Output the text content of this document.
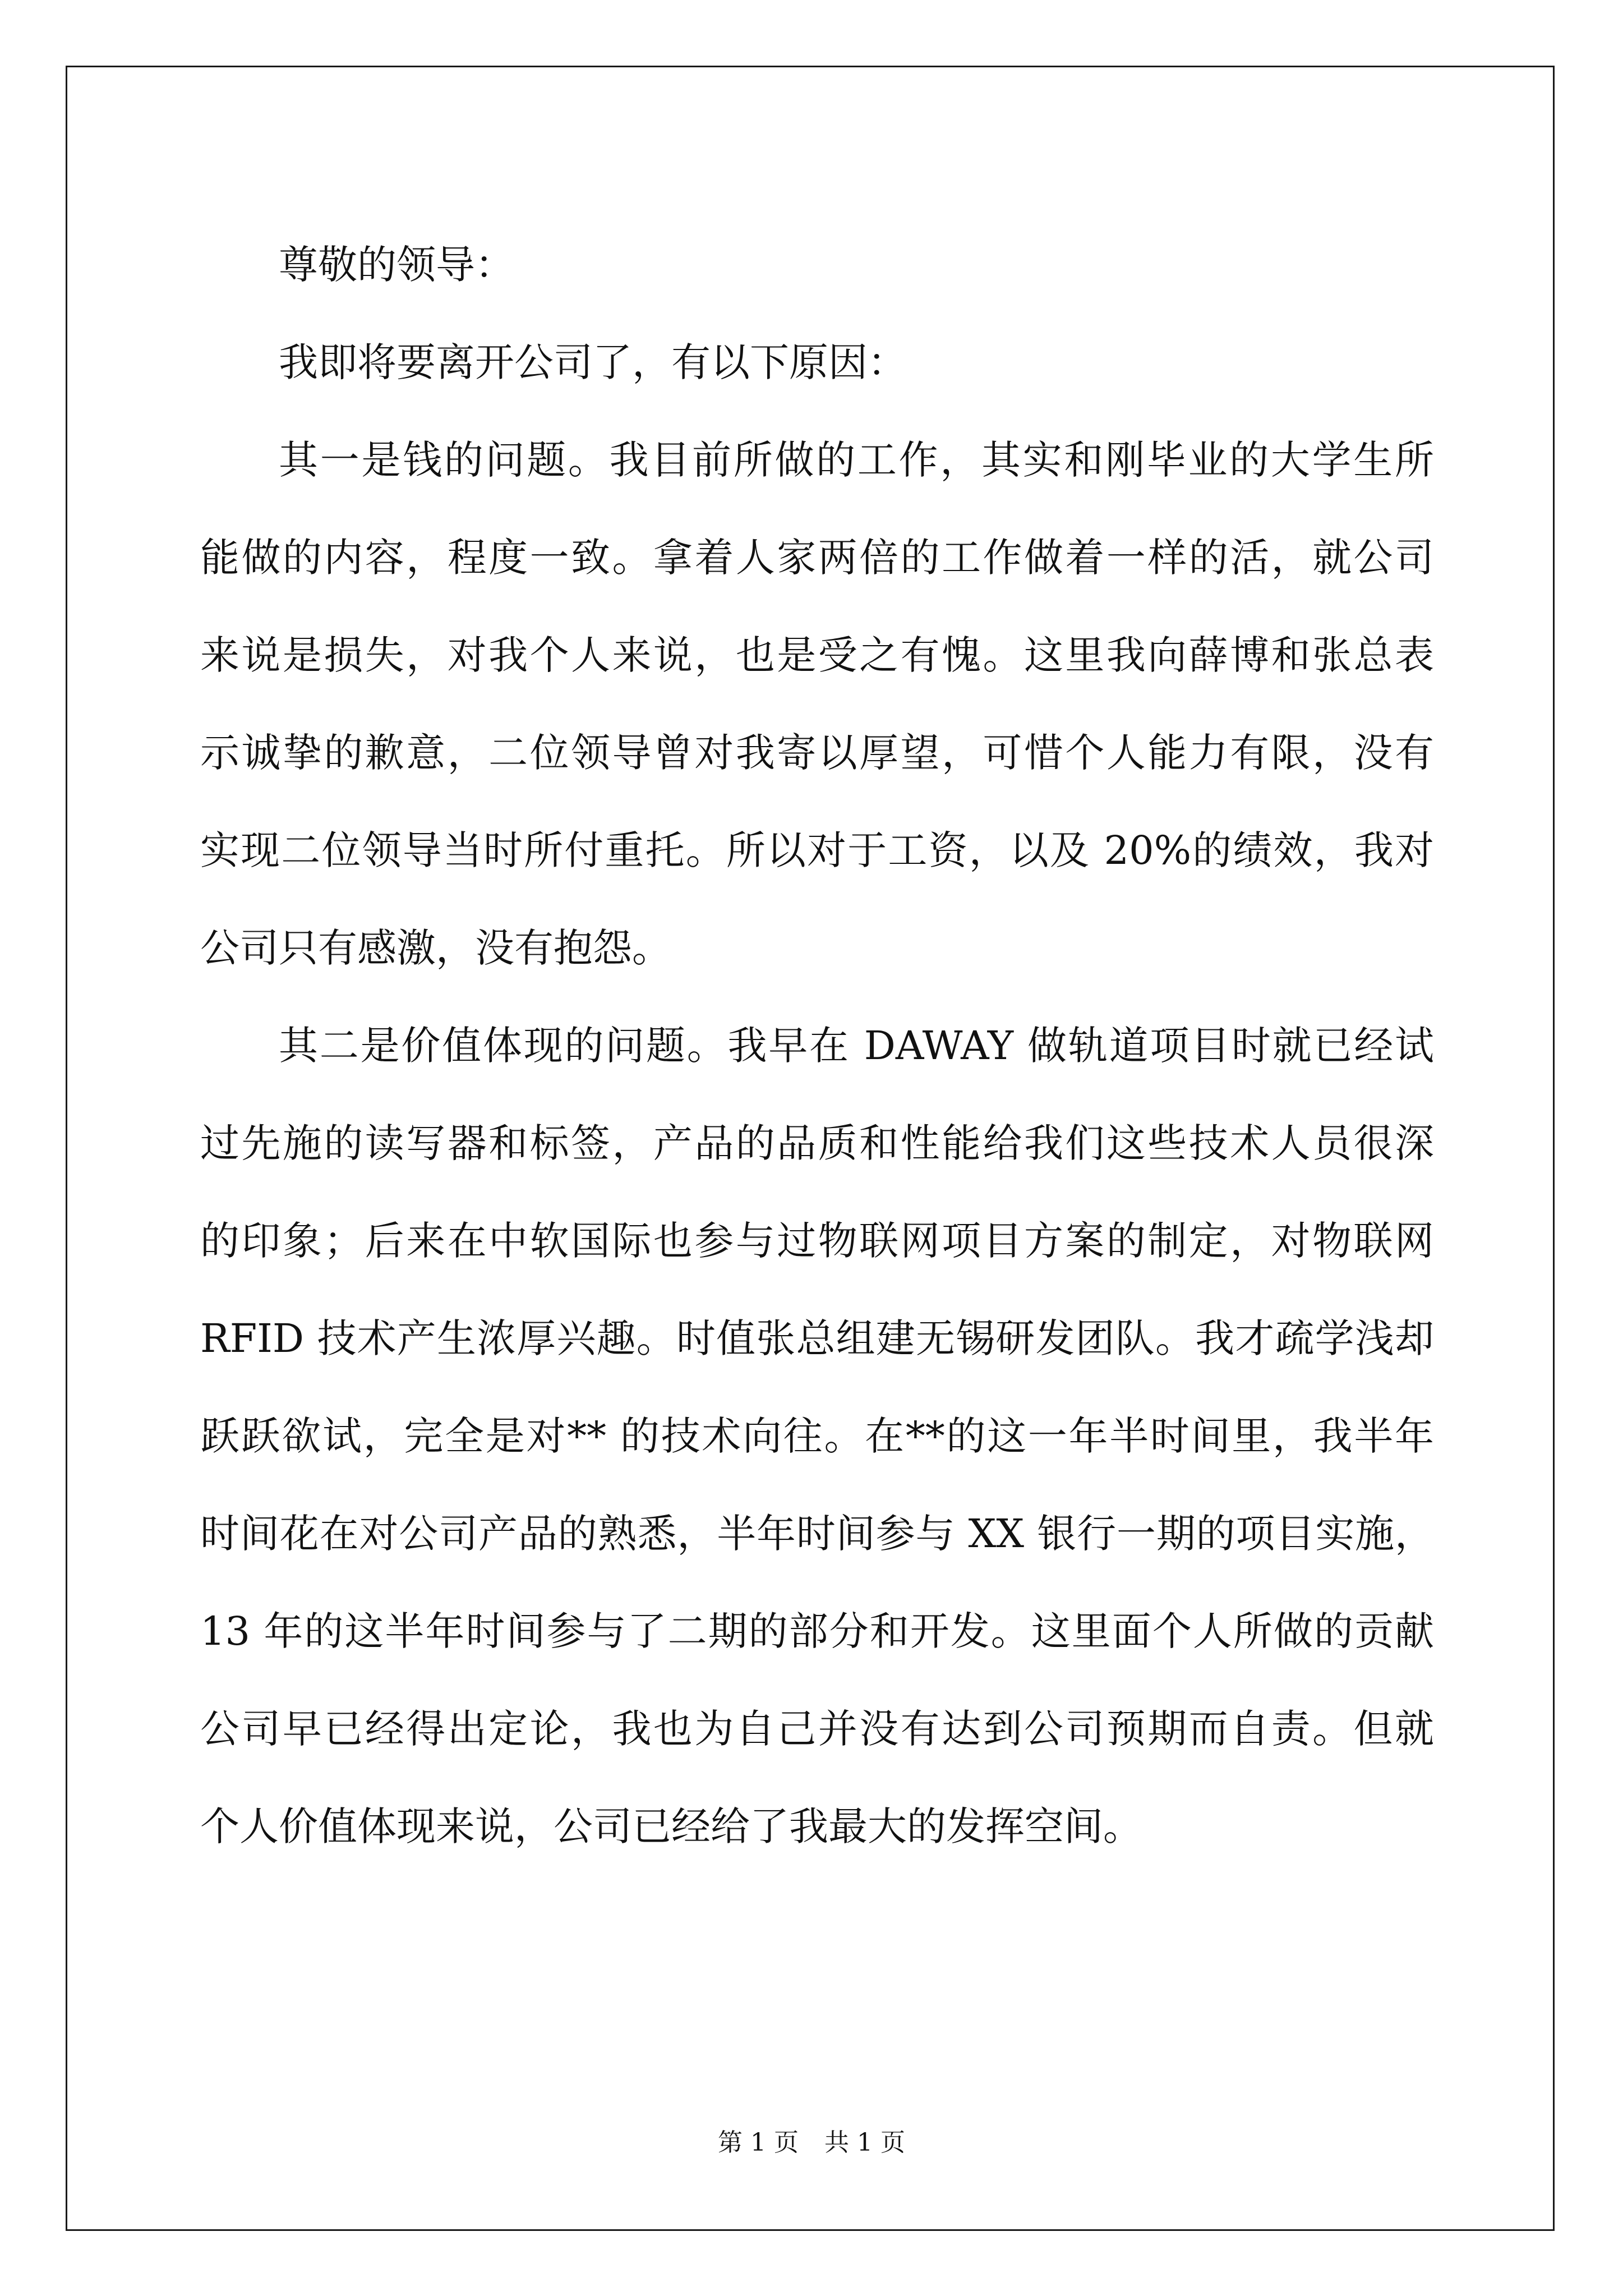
尊敬的领导：
我即将要离开公司了，有以下原因：
其一是钱的问题。我目前所做的工作，其实和刚毕业的大学生所
能做的内容，程度一致。拿着人家两倍的工作做着一样的活，就公司
来说是损失，对我个人来说，也是受之有愧。这里我向薛博和张总表
示诚挚的歉意，二位领导曾对我寄以厚望，可惜个人能力有限，没有
实现二位领导当时所付重托。所以对于工资，以及 20%的绩效，我对
公司只有感激，没有抱怨。
其二是价值体现的问题。我早在 DAWAY 做轨道项目时就已经试
过先施的读写器和标签，产品的品质和性能给我们这些技术人员很深
的印象；后来在中软国际也参与过物联网项目方案的制定，对物联网
RFID 技术产生浓厚兴趣。时值张总组建无锡研发团队。我才疏学浅却
跃跃欲试，完全是对** 的技术向往。在**的这一年半时间里，我半年
时间花在对公司产品的熟悉，半年时间参与 XX 银行一期的项目实施，
13 年的这半年时间参与了二期的部分和开发。这里面个人所做的贡献
公司早已经得出定论，我也为自己并没有达到公司预期而自责。但就
个人价值体现来说，公司已经给了我最大的发挥空间。
第 1 页 共 1 页
